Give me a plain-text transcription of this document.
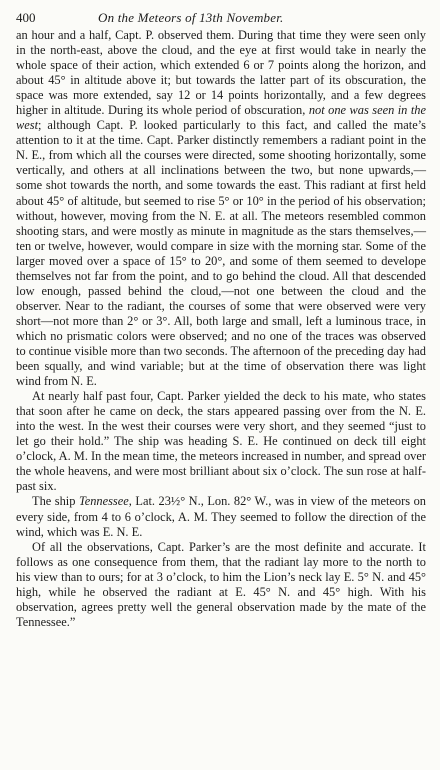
400	On the Meteors of 13th November.

an hour and a half, Capt. P. observed them. During that time they were seen only in the north-east, above the cloud, and the eye at first would take in nearly the whole space of their action, which extended 6 or 7 points along the horizon, and about 45° in altitude above it; but towards the latter part of its obscuration, the space was more extended, say 12 or 14 points horizontally, and a few degrees higher in altitude. During its whole period of obscuration, not one was seen in the west; although Capt. P. looked particularly to this fact, and called the mate’s attention to it at the time. Capt. Parker distinctly remembers a radiant point in the N. E., from which all the courses were directed, some shooting horizontally, some vertically, and others at all inclinations between the two, but none upwards,—some shot towards the north, and some towards the east. This radiant at first held about 45° of altitude, but seemed to rise 5° or 10° in the period of his observation; without, however, moving from the N. E. at all. The meteors resembled common shooting stars, and were mostly as minute in magnitude as the stars themselves,—ten or twelve, however, would compare in size with the morning star. Some of the larger moved over a space of 15° to 20°, and some of them seemed to develope themselves not far from the point, and to go behind the cloud. All that descended low enough, passed behind the cloud,—not one between the cloud and the observer. Near to the radiant, the courses of some that were observed were very short—not more than 2° or 3°. All, both large and small, left a luminous trace, in which no prismatic colors were observed; and no one of the traces was observed to continue visible more than two seconds. The afternoon of the preceding day had been squally, and wind variable; but at the time of observation there was light wind from N. E.

At nearly half past four, Capt. Parker yielded the deck to his mate, who states that soon after he came on deck, the stars appeared passing over from the N. E. into the west. In the west their courses were very short, and they seemed “just to let go their hold.” The ship was heading S. E. He continued on deck till eight o’clock, A. M. In the mean time, the meteors increased in number, and spread over the whole heavens, and were most brilliant about six o’clock. The sun rose at half-past six.

The ship Tennessee, Lat. 23½° N., Lon. 82° W., was in view of the meteors on every side, from 4 to 6 o’clock, A. M. They seemed to follow the direction of the wind, which was E. N. E.

Of all the observations, Capt. Parker’s are the most definite and accurate. It follows as one consequence from them, that the radiant lay more to the north to his view than to ours; for at 3 o’clock, to him the Lion’s neck lay E. 5° N. and 45° high, while he observed the radiant at E. 45° N. and 45° high. With his observation, agrees pretty well the general observation made by the mate of the Tennessee.”
